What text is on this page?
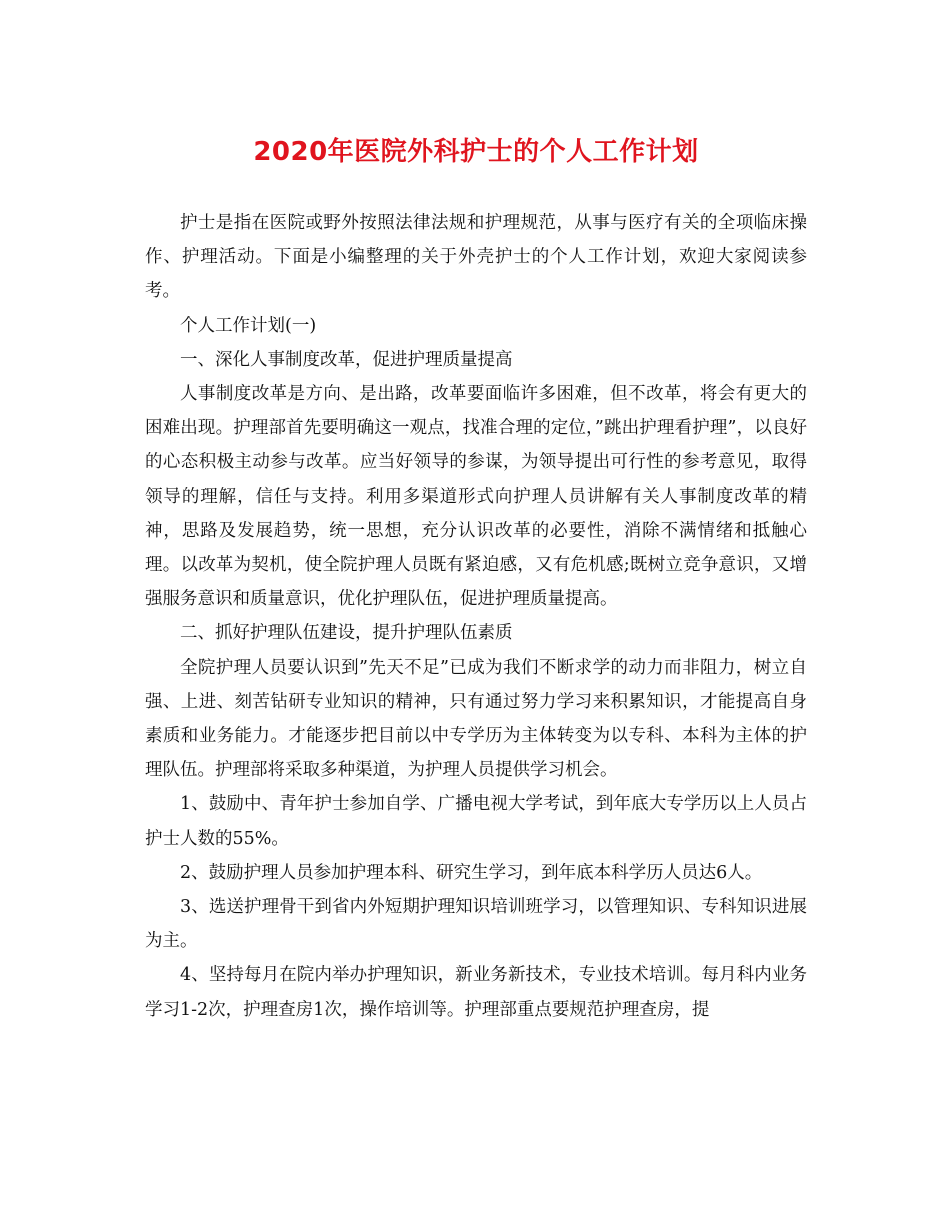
2020年医院外科护士的个人工作计划

护士是指在医院或野外按照法律法规和护理规范，从事与医疗有关的全项临床操作、护理活动。下面是小编整理的关于外壳护士的个人工作计划，欢迎大家阅读参考。

个人工作计划(一)

一、深化人事制度改革，促进护理质量提高

人事制度改革是方向、是出路，改革要面临许多困难，但不改革，将会有更大的困难出现。护理部首先要明确这一观点，找准合理的定位，”跳出护理看护理”，以良好的心态积极主动参与改革。应当好领导的参谋，为领导提出可行性的参考意见，取得领导的理解，信任与支持。利用多渠道形式向护理人员讲解有关人事制度改革的精神，思路及发展趋势，统一思想，充分认识改革的必要性，消除不满情绪和抵触心理。以改革为契机，使全院护理人员既有紧迫感，又有危机感;既树立竞争意识，又增强服务意识和质量意识，优化护理队伍，促进护理质量提高。

二、抓好护理队伍建设，提升护理队伍素质

全院护理人员要认识到”先天不足”已成为我们不断求学的动力而非阻力，树立自强、上进、刻苦钻研专业知识的精神，只有通过努力学习来积累知识，才能提高自身素质和业务能力。才能逐步把目前以中专学历为主体转变为以专科、本科为主体的护理队伍。护理部将采取多种渠道，为护理人员提供学习机会。

1、鼓励中、青年护士参加自学、广播电视大学考试，到年底大专学历以上人员占护士人数的55%。

2、鼓励护理人员参加护理本科、研究生学习，到年底本科学历人员达6人。

3、选送护理骨干到省内外短期护理知识培训班学习，以管理知识、专科知识进展为主。

4、坚持每月在院内举办护理知识，新业务新技术，专业技术培训。每月科内业务学习1-2次，护理查房1次，操作培训等。护理部重点要规范护理查房，提
